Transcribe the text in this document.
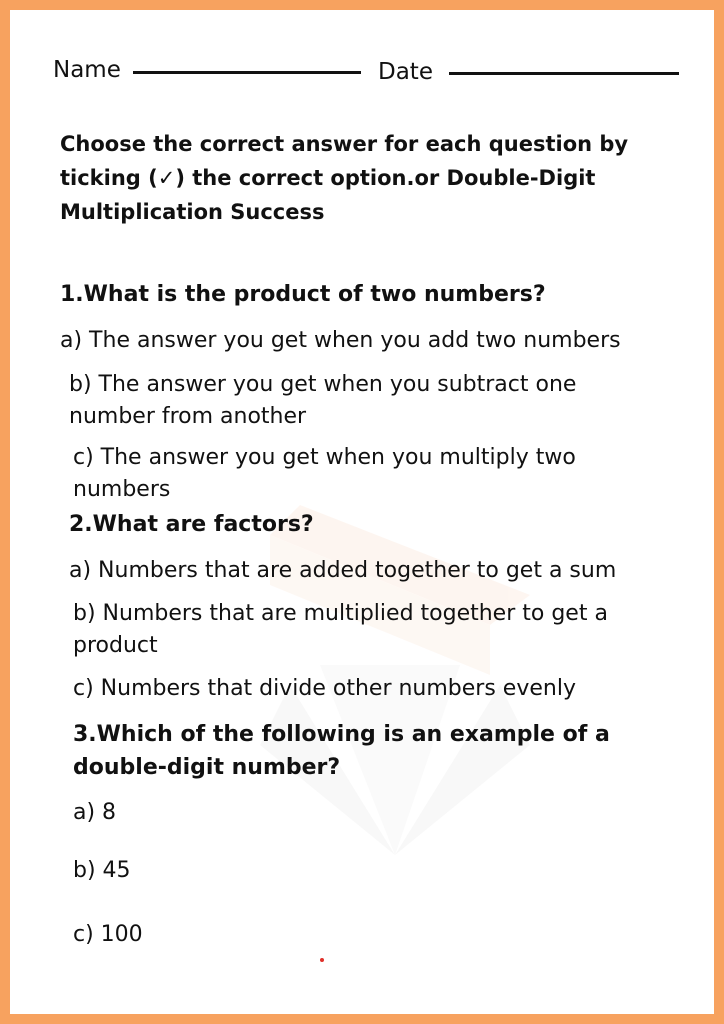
Name	Date
Choose the correct answer for each question by ticking (✓) the correct option.or Double-Digit Multiplication Success
1.What is the product of two numbers?
a) The answer you get when you add two numbers
b) The answer you get when you subtract one number from another
c) The answer you get when you multiply two numbers
2.What are factors?
a) Numbers that are added together to get a sum
b) Numbers that are multiplied together to get a product
c) Numbers that divide other numbers evenly
3.Which of the following is an example of a double-digit number?
a) 8
b) 45
c) 100
